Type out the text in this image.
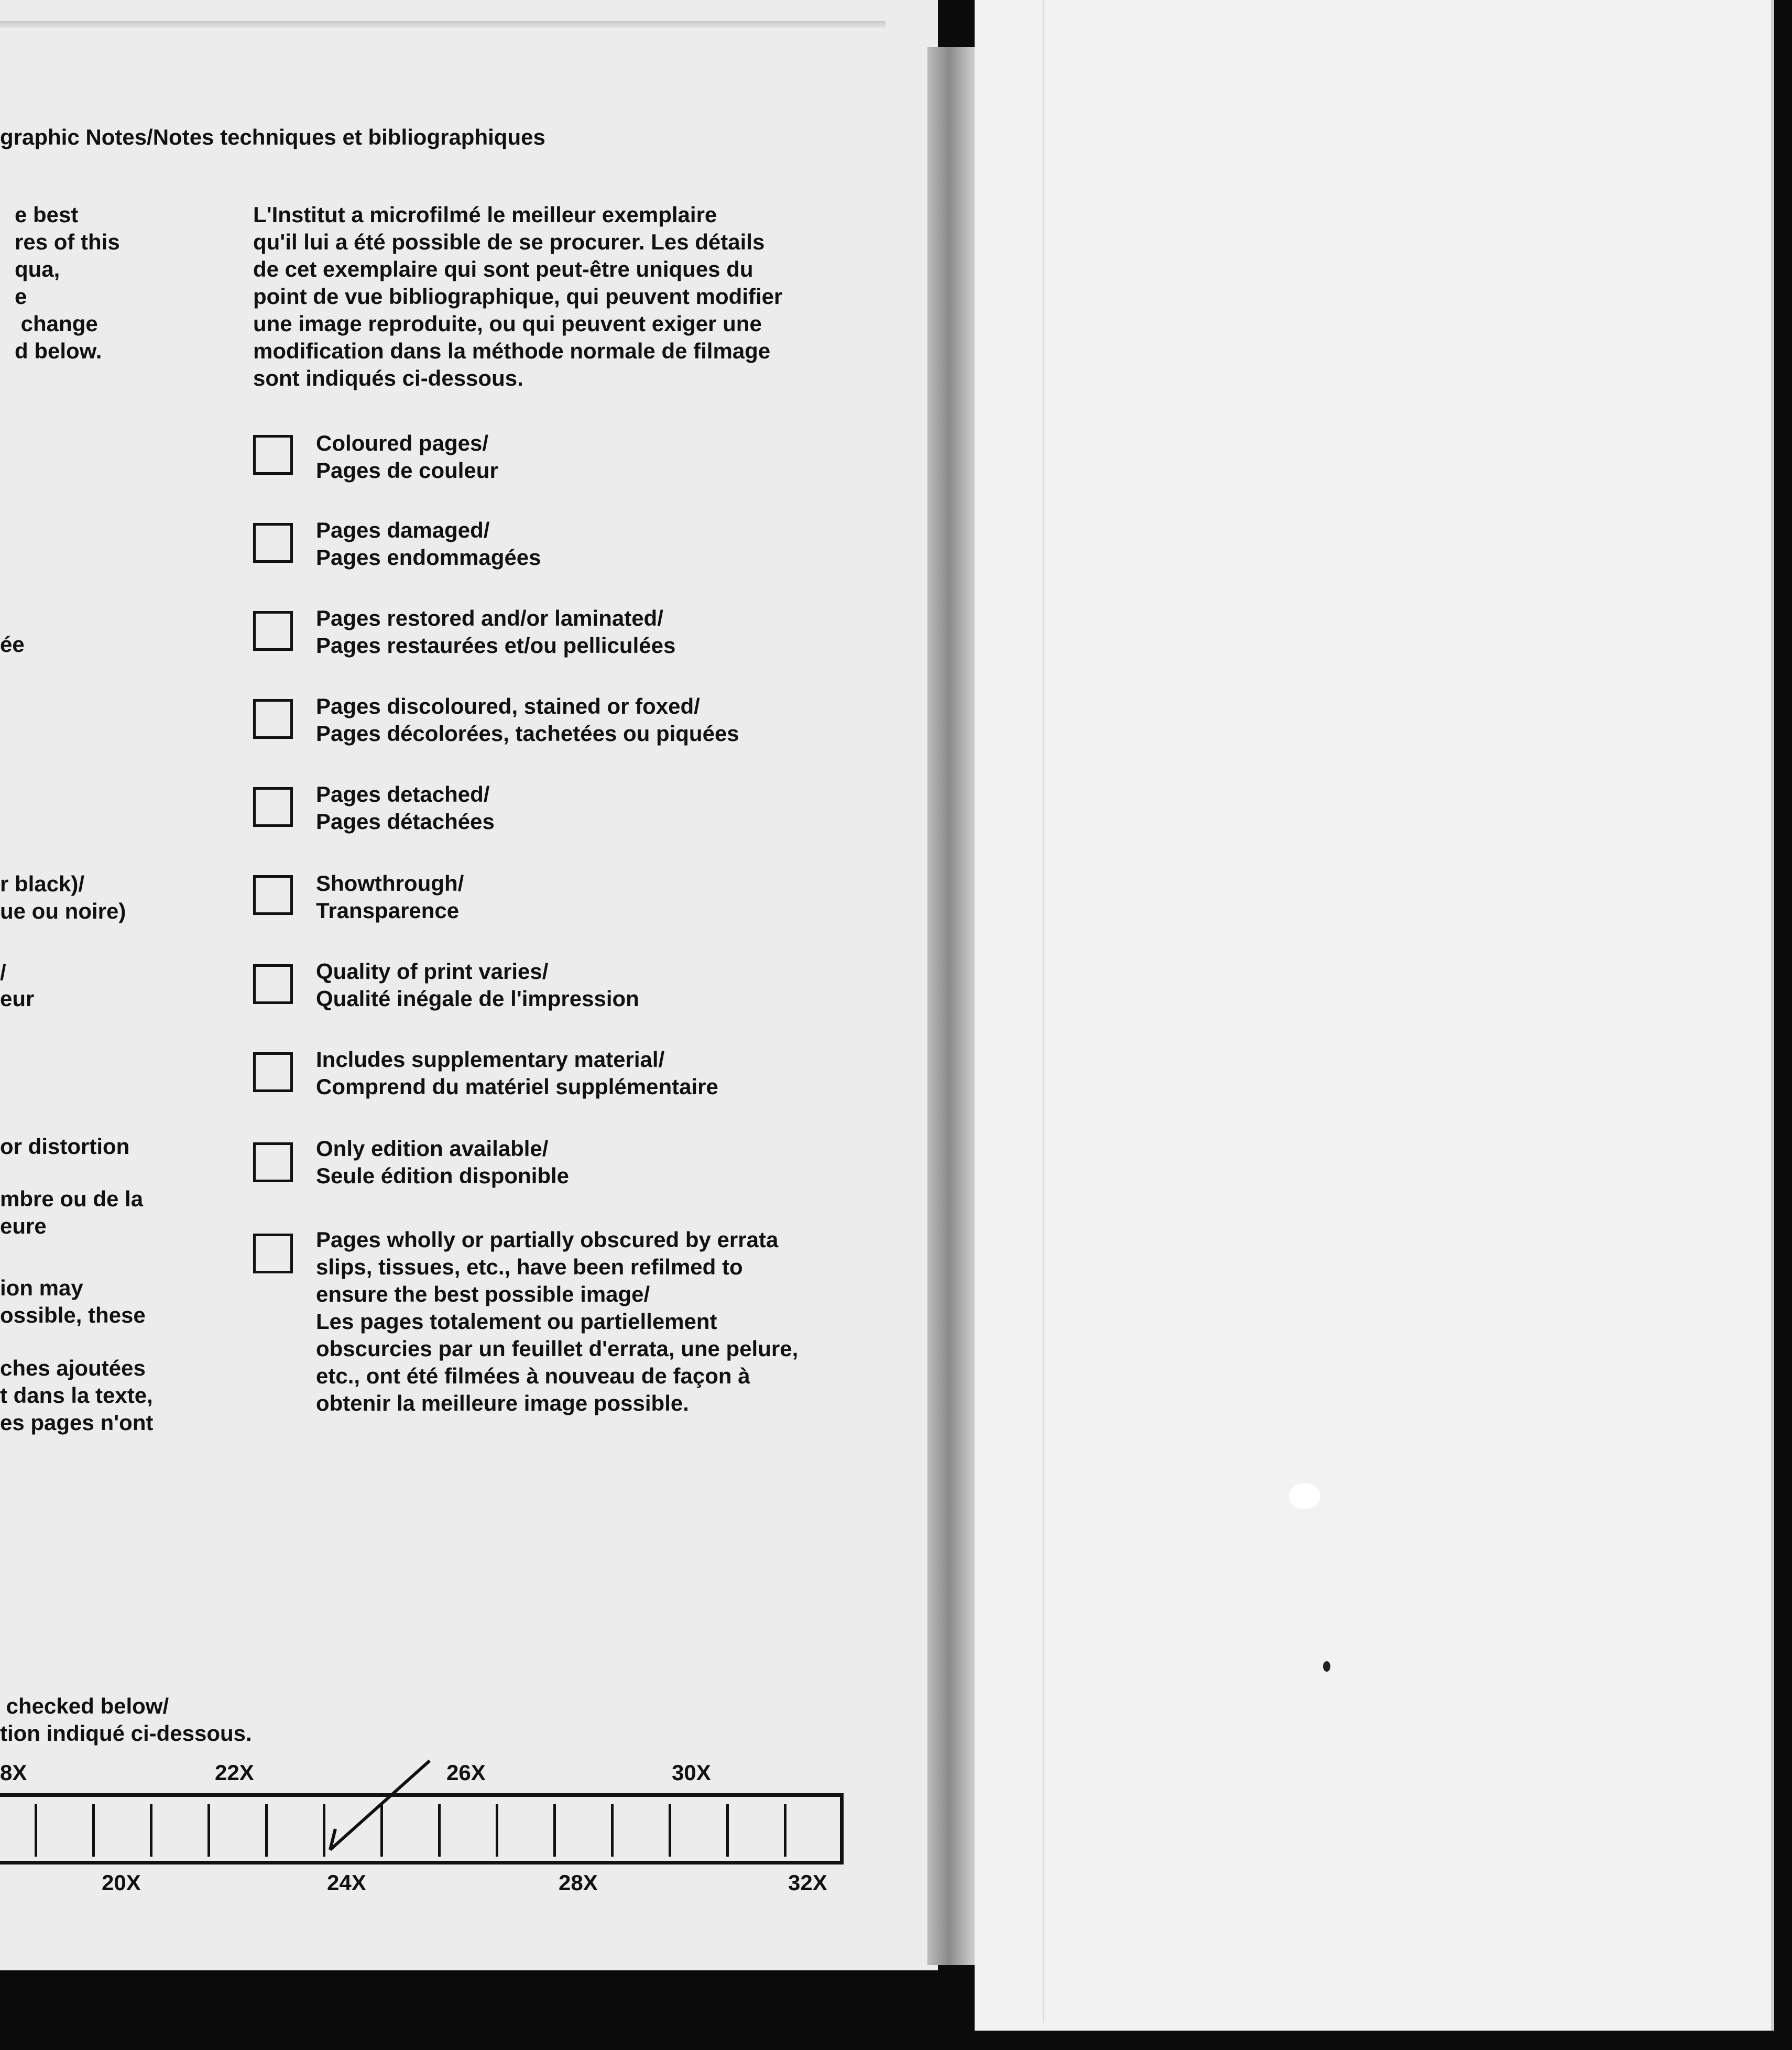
graphic Notes/Notes techniques et bibliographiques
e best
res of this
qua,
e
change
d below.
ée
r black)/
ue ou noire)
/
eur
or distortion
mbre ou de la
eure
ion may
ossible, these
ches ajoutées
t dans la texte,
es pages n'ont
L'Institut a microfilmé le meilleur exemplaire
qu'il lui a été possible de se procurer. Les détails
de cet exemplaire qui sont peut-être uniques du
point de vue bibliographique, qui peuvent modifier
une image reproduite, ou qui peuvent exiger une
modification dans la méthode normale de filmage
sont indiqués ci-dessous.
Coloured pages/
Pages de couleur
Pages damaged/
Pages endommagées
Pages restored and/or laminated/
Pages restaurées et/ou pelliculées
Pages discoloured, stained or foxed/
Pages décolorées, tachetées ou piquées
Pages detached/
Pages détachées
Showthrough/
Transparence
Quality of print varies/
Qualité inégale de l'impression
Includes supplementary material/
Comprend du matériel supplémentaire
Only edition available/
Seule édition disponible
Pages wholly or partially obscured by errata
slips, tissues, etc., have been refilmed to
ensure the best possible image/
Les pages totalement ou partiellement
obscurcies par un feuillet d'errata, une pelure,
etc., ont été filmées à nouveau de façon à
obtenir la meilleure image possible.
checked below/
tion indiqué ci-dessous.
8X	22X	26X	30X
20X	24X	28X	32X
